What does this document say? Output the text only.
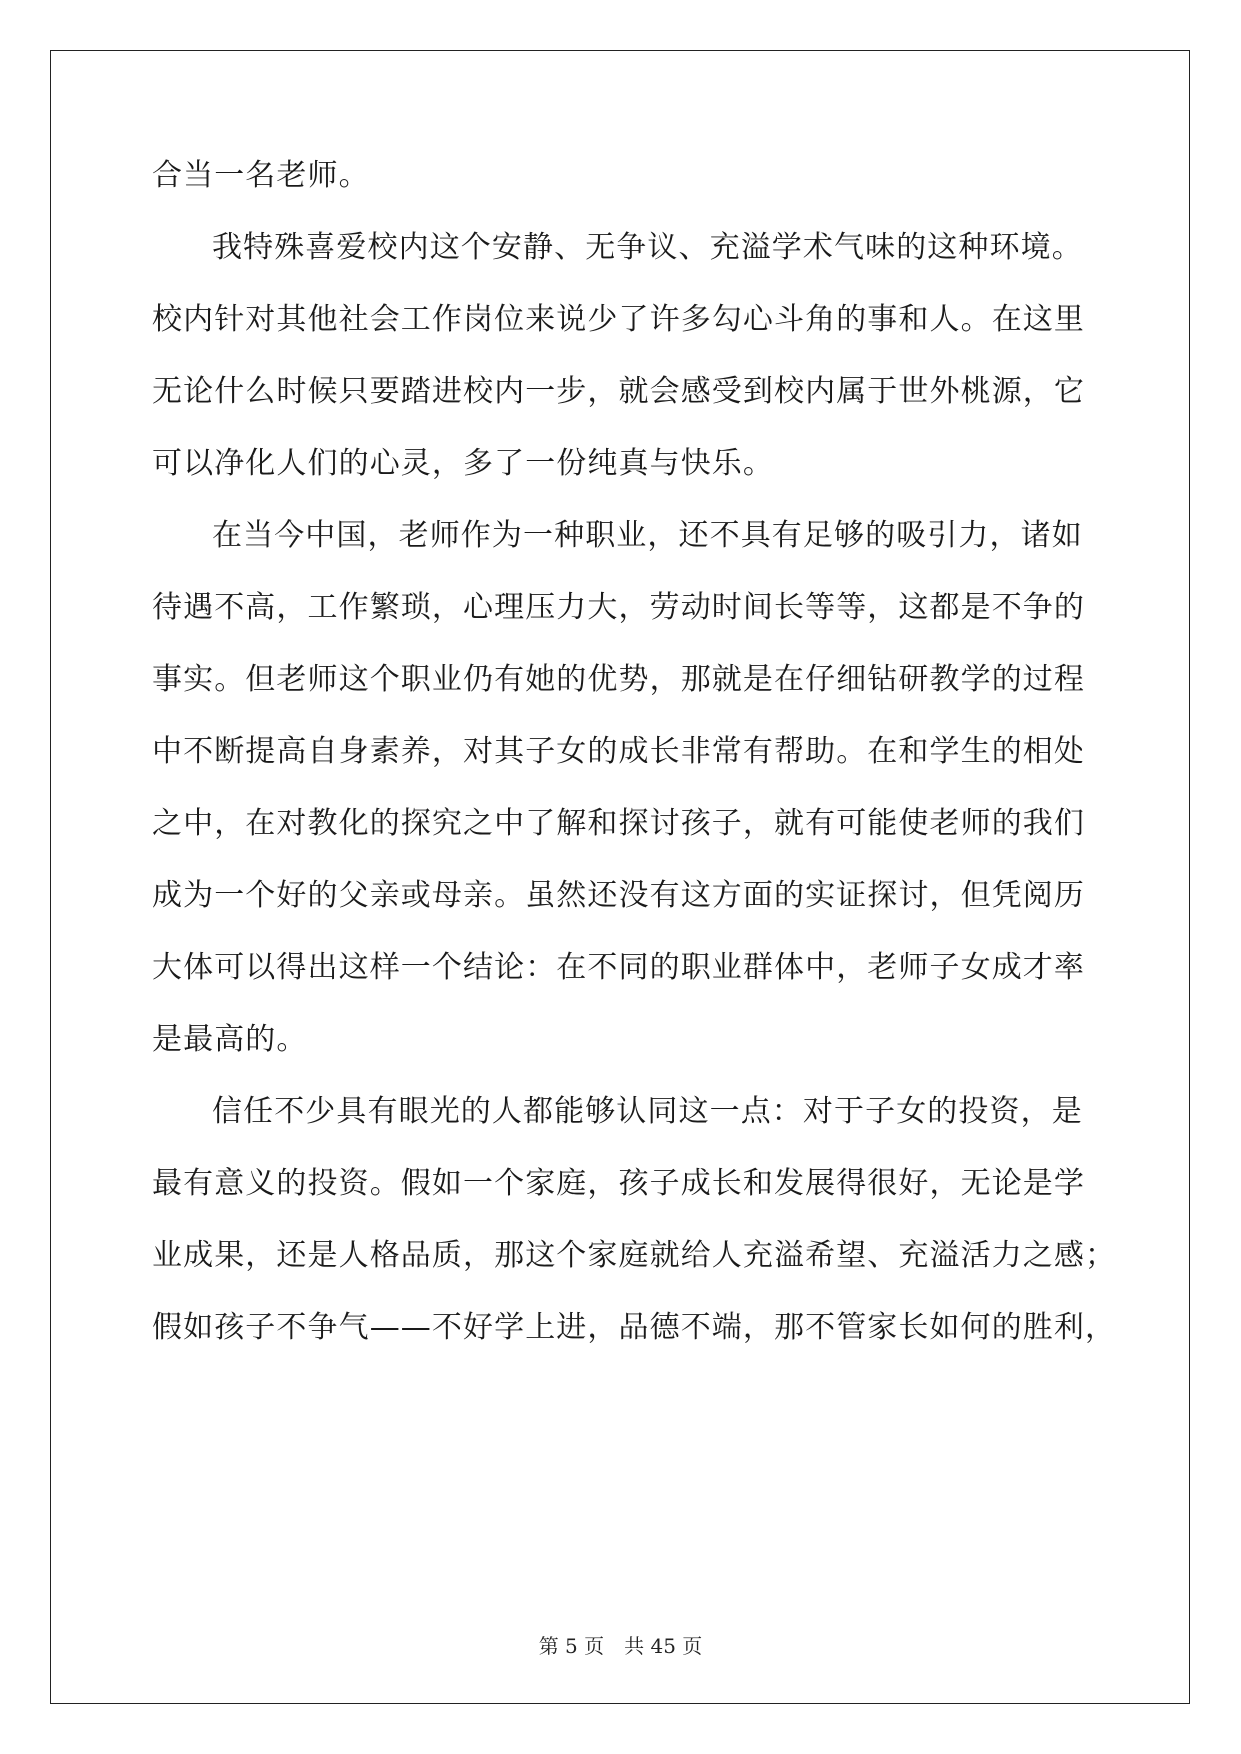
合当一名老师。
我特殊喜爱校内这个安静、无争议、充溢学术气味的这种环境。
校内针对其他社会工作岗位来说少了许多勾心斗角的事和人。在这里
无论什么时候只要踏进校内一步，就会感受到校内属于世外桃源，它
可以净化人们的心灵，多了一份纯真与快乐。
在当今中国，老师作为一种职业，还不具有足够的吸引力，诸如
待遇不高，工作繁琐，心理压力大，劳动时间长等等，这都是不争的
事实。但老师这个职业仍有她的优势，那就是在仔细钻研教学的过程
中不断提高自身素养，对其子女的成长非常有帮助。在和学生的相处
之中，在对教化的探究之中了解和探讨孩子，就有可能使老师的我们
成为一个好的父亲或母亲。虽然还没有这方面的实证探讨，但凭阅历
大体可以得出这样一个结论：在不同的职业群体中，老师子女成才率
是最高的。
信任不少具有眼光的人都能够认同这一点：对于子女的投资，是
最有意义的投资。假如一个家庭，孩子成长和发展得很好，无论是学
业成果，还是人格品质，那这个家庭就给人充溢希望、充溢活力之感；
假如孩子不争气——不好学上进，品德不端，那不管家长如何的胜利，
第 5 页 共 45 页
